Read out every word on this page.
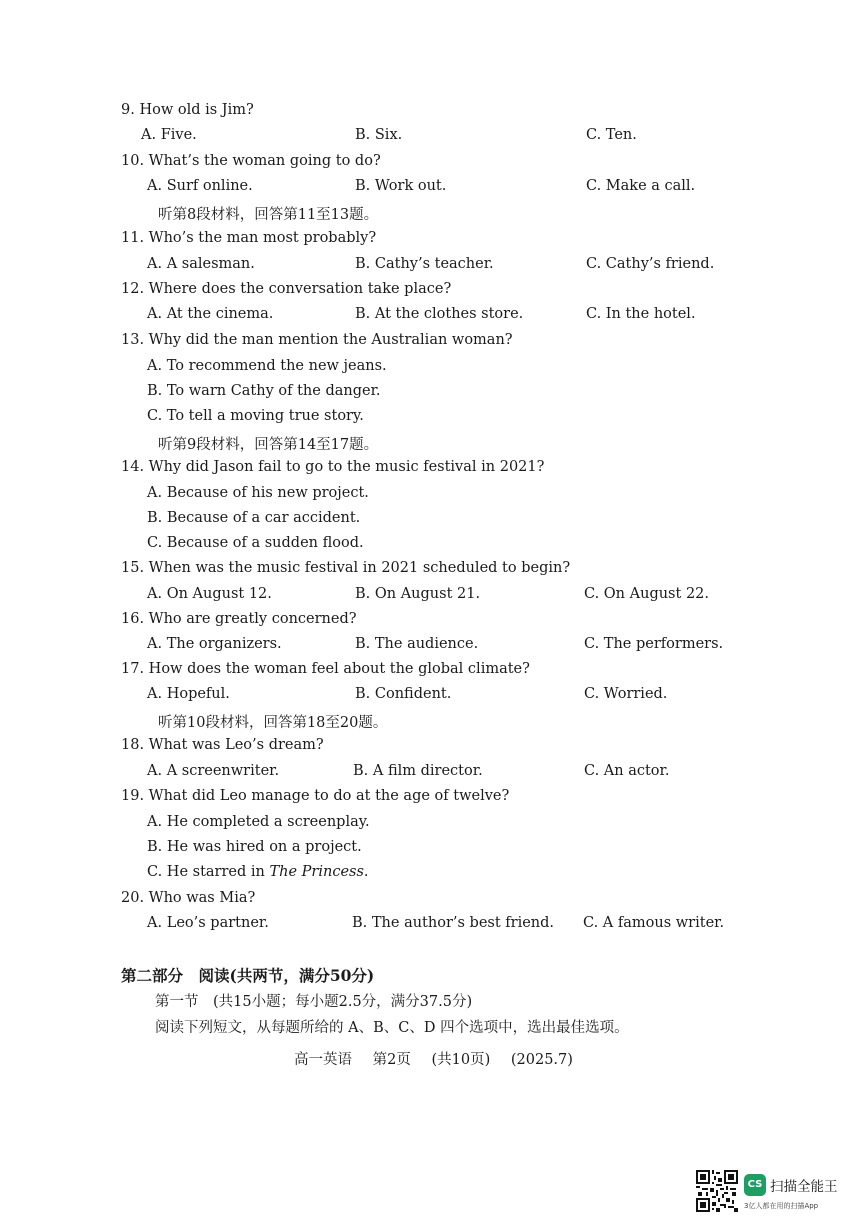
9. How old is Jim?
A. Five.	B. Six.	C. Ten.
10. What’s the woman going to do?
A. Surf online.	B. Work out.	C. Make a call.
听第8段材料，回答第11至13题。
11. Who’s the man most probably?
A. A salesman.	B. Cathy’s teacher.	C. Cathy’s friend.
12. Where does the conversation take place?
A. At the cinema.	B. At the clothes store.	C. In the hotel.
13. Why did the man mention the Australian woman?
A. To recommend the new jeans.
B. To warn Cathy of the danger.
C. To tell a moving true story.
听第9段材料，回答第14至17题。
14. Why did Jason fail to go to the music festival in 2021?
A. Because of his new project.
B. Because of a car accident.
C. Because of a sudden flood.
15. When was the music festival in 2021 scheduled to begin?
A. On August 12.	B. On August 21.	C. On August 22.
16. Who are greatly concerned?
A. The organizers.	B. The audience.	C. The performers.
17. How does the woman feel about the global climate?
A. Hopeful.	B. Confident.	C. Worried.
听第10段材料，回答第18至20题。
18. What was Leo’s dream?
A. A screenwriter.	B. A film director.	C. An actor.
19. What did Leo manage to do at the age of twelve?
A. He completed a screenplay.
B. He was hired on a project.
C. He starred in The Princess.
20. Who was Mia?
A. Leo’s partner.	B. The author’s best friend. C. A famous writer.
第二部分　阅读(共两节，满分50分)
第一节　(共15小题；每小题2.5分，满分37.5分)
阅读下列短文，从每题所给的 A、B、C、D 四个选项中，选出最佳选项。
高一英语 第2页 (共10页) (2025.7)
CS 扫描全能王
3亿人都在用的扫描App
